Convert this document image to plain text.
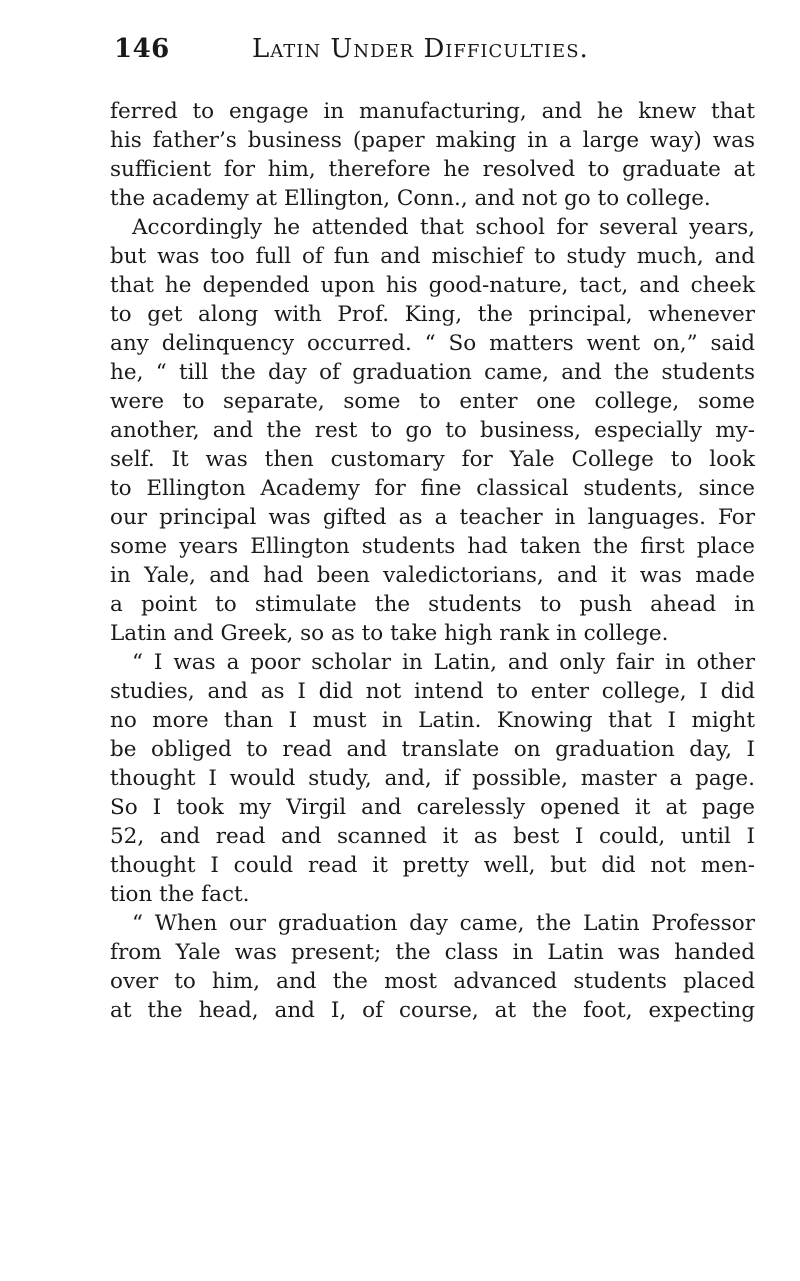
146	Latin Under Difficulties.
ferred to engage in manufacturing, and he knew that
his father’s business (paper making in a large way) was
sufficient for him, therefore he resolved to graduate at
the academy at Ellington, Conn., and not go to college.
Accordingly he attended that school for several years,
but was too full of fun and mischief to study much, and
that he depended upon his good-nature, tact, and cheek
to get along with Prof. King, the principal, whenever
any delinquency occurred. “ So matters went on,” said
he, “ till the day of graduation came, and the students
were to separate, some to enter one college, some
another, and the rest to go to business, especially my-
self. It was then customary for Yale College to look
to Ellington Academy for fine classical students, since
our principal was gifted as a teacher in languages. For
some years Ellington students had taken the first place
in Yale, and had been valedictorians, and it was made
a point to stimulate the students to push ahead in
Latin and Greek, so as to take high rank in college.
“ I was a poor scholar in Latin, and only fair in other
studies, and as I did not intend to enter college, I did
no more than I must in Latin. Knowing that I might
be obliged to read and translate on graduation day, I
thought I would study, and, if possible, master a page.
So I took my Virgil and carelessly opened it at page
52, and read and scanned it as best I could, until I
thought I could read it pretty well, but did not men-
tion the fact.
“ When our graduation day came, the Latin Professor
from Yale was present; the class in Latin was handed
over to him, and the most advanced students placed
at the head, and I, of course, at the foot, expecting
